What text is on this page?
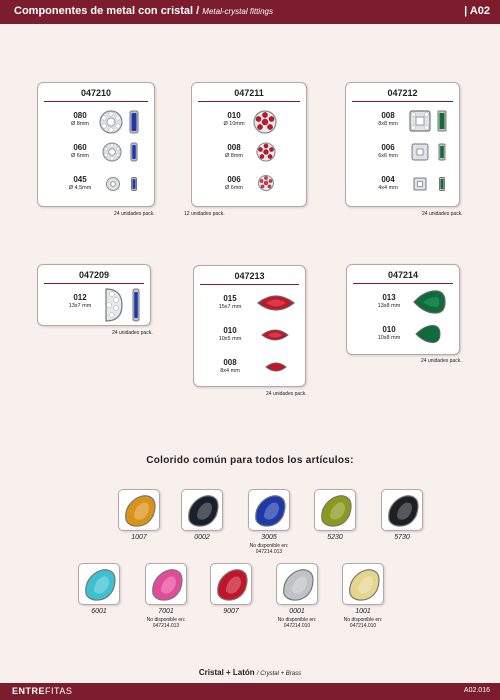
Componentes de metal con cristal / Metal-crystal fittings	| A02
047210
080
Ø 8mm
060
Ø 6mm
045
Ø 4,5mm
24 unidades pack.
047211
010
Ø 10mm
008
Ø 8mm
006
Ø 6mm
12 unidades pack.
047212
008
8x8 mm
006
6x6 mm
004
4x4 mm
24 unidades pack.
047209
012
13x7 mm
24 unidades pack.
047213
015
15x7 mm
010
10x5 mm
008
8x4 mm
24 unidades pack.
047214
013
13x8 mm
010
10x8 mm
24 unidades pack.
Colorido común para todos los artículos:
1007	0002	3005
No disponible en:
047214.013
5230	5730
6001	7001
No disponible en:
047214.013
9007	0001
No disponible en:
047214.010
1001
No disponible en:
047214.010
Cristal + Latón / Crystal + Brass
ENTREFITAS	A02.016
